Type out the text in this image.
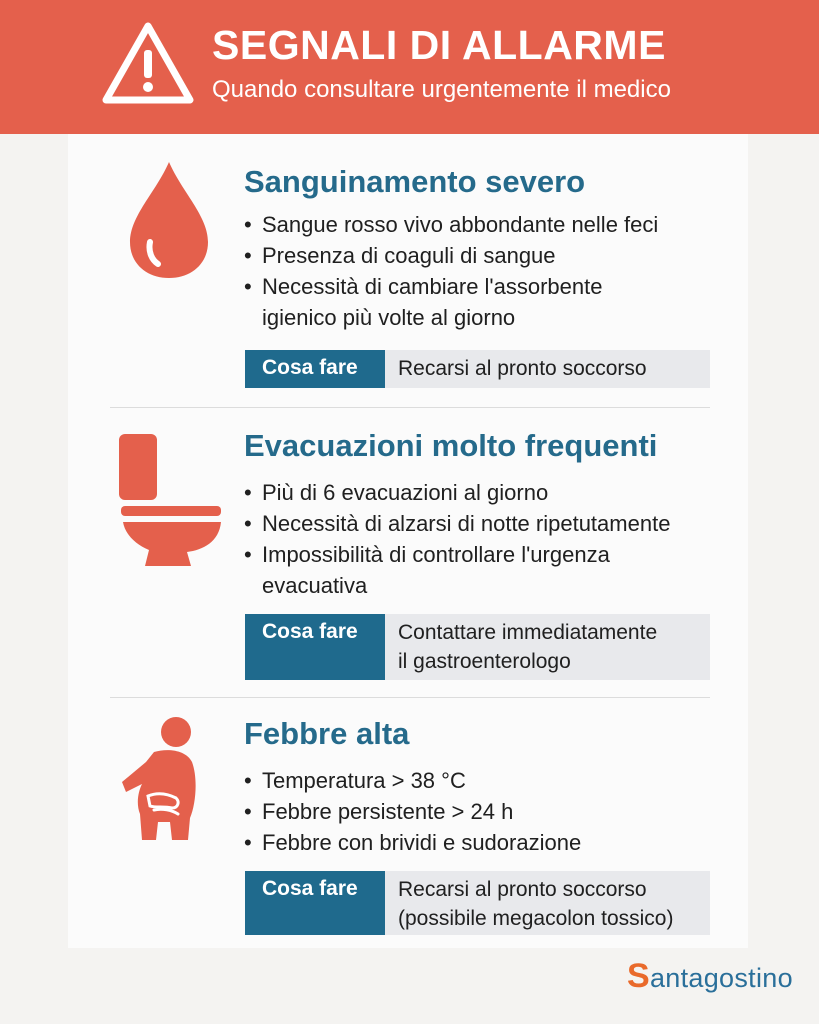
SEGNALI DI ALLARME
Quando consultare urgentemente il medico
Sanguinamento severo
• Sangue rosso vivo abbondante nelle feci
• Presenza di coaguli di sangue
• Necessità di cambiare l'assorbente
igienico più volte al giorno
Cosa fare	Recarsi al pronto soccorso
Evacuazioni molto frequenti
• Più di 6 evacuazioni al giorno
• Necessità di alzarsi di notte ripetutamente
• Impossibilità di controllare l'urgenza
evacuativa
Cosa fare	Contattare immediatamente
il gastroenterologo
Febbre alta
• Temperatura > 38 °C
• Febbre persistente > 24 h
• Febbre con brividi e sudorazione
Cosa fare	Recarsi al pronto soccorso
(possibile megacolon tossico)
Santagostino
